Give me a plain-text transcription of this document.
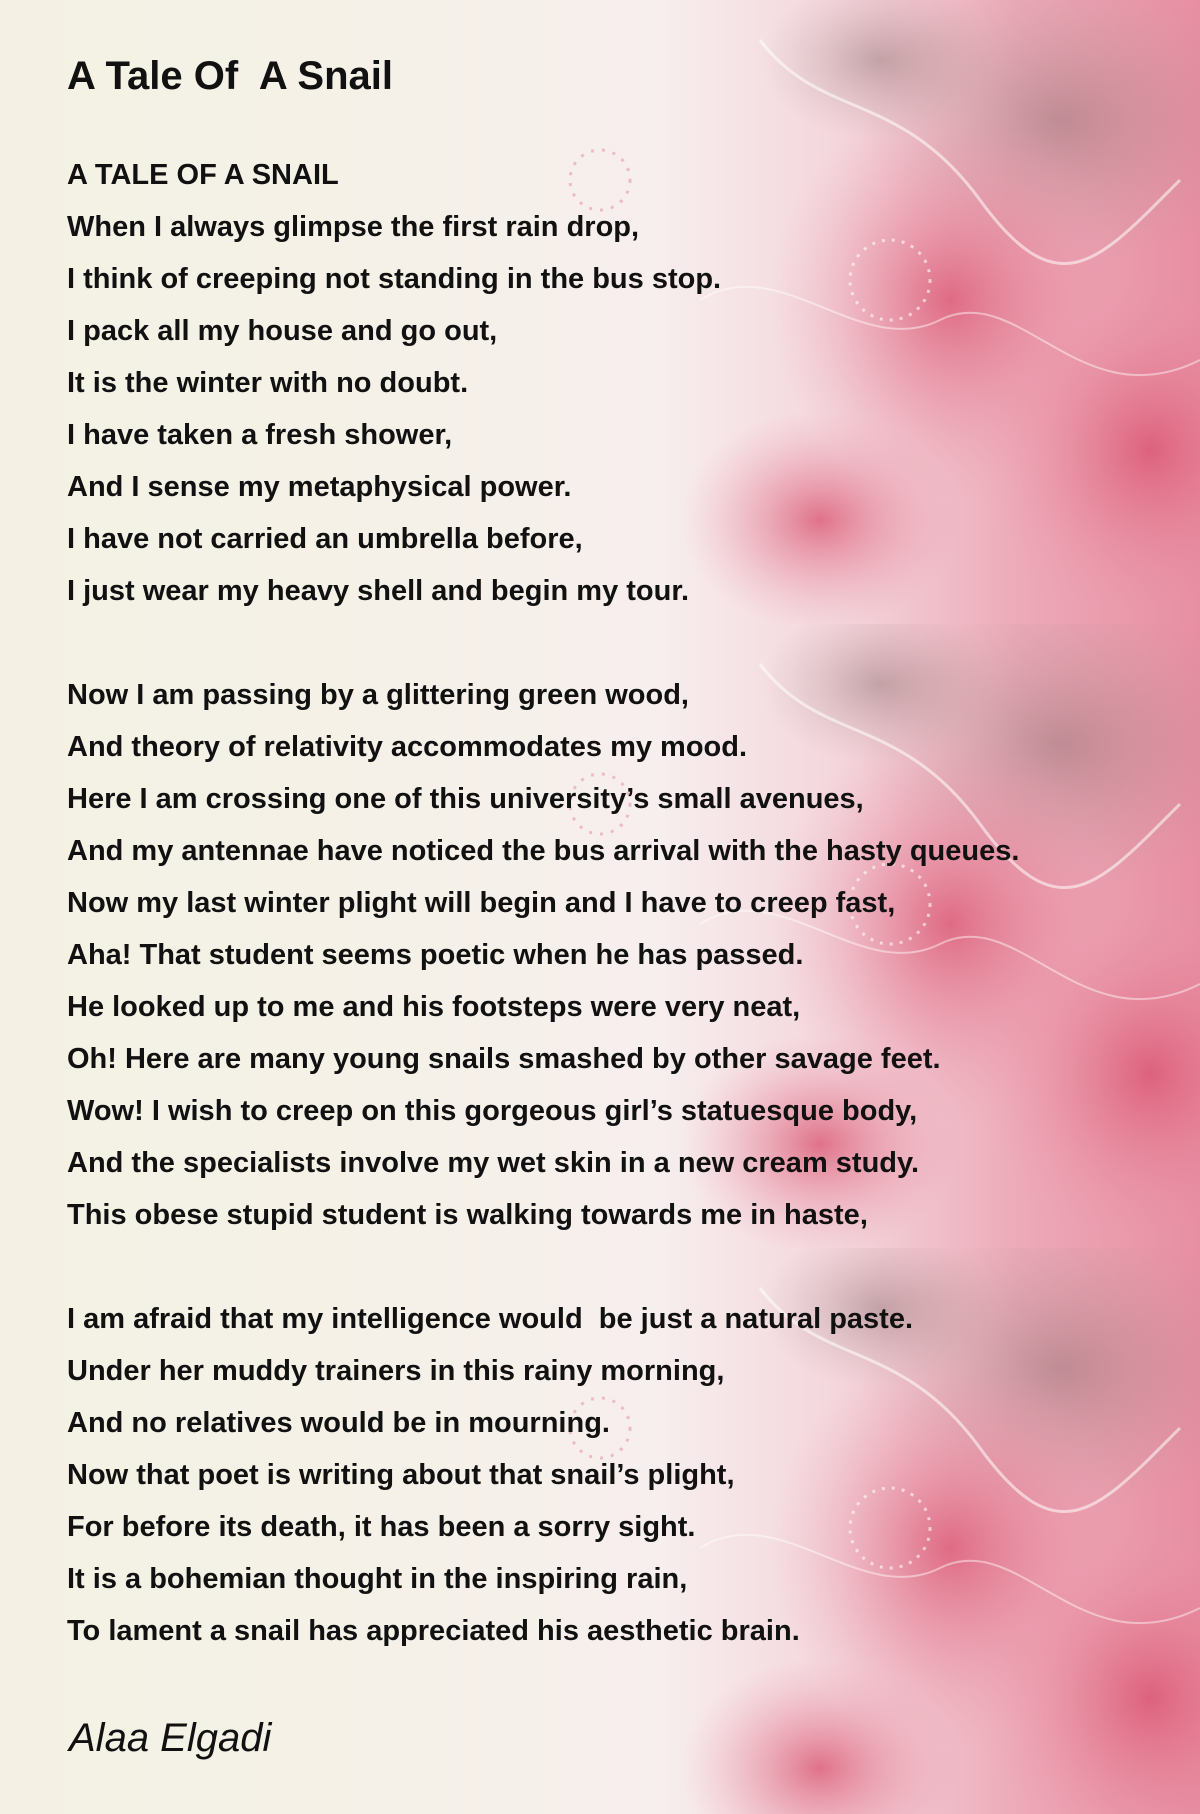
A Tale Of  A Snail
A TALE OF A SNAIL
When I always glimpse the first rain drop,
I think of creeping not standing in the bus stop.
I pack all my house and go out,
It is the winter with no doubt.
I have taken a fresh shower,
And I sense my metaphysical power.
I have not carried an umbrella before,
I just wear my heavy shell and begin my tour.
Now I am passing by a glittering green wood,
And theory of relativity accommodates my mood.
Here I am crossing one of this university’s small avenues,
And my antennae have noticed the bus arrival with the hasty queues.
Now my last winter plight will begin and I have to creep fast,
Aha! That student seems poetic when he has passed.
He looked up to me and his footsteps were very neat,
Oh! Here are many young snails smashed by other savage feet.
Wow! I wish to creep on this gorgeous girl’s statuesque body,
And the specialists involve my wet skin in a new cream study.
This obese stupid student is walking towards me in haste,
I am afraid that my intelligence would  be just a natural paste.
Under her muddy trainers in this rainy morning,
And no relatives would be in mourning.
Now that poet is writing about that snail’s plight,
For before its death, it has been a sorry sight.
It is a bohemian thought in the inspiring rain,
To lament a snail has appreciated his aesthetic brain.

Alaa Elgadi
